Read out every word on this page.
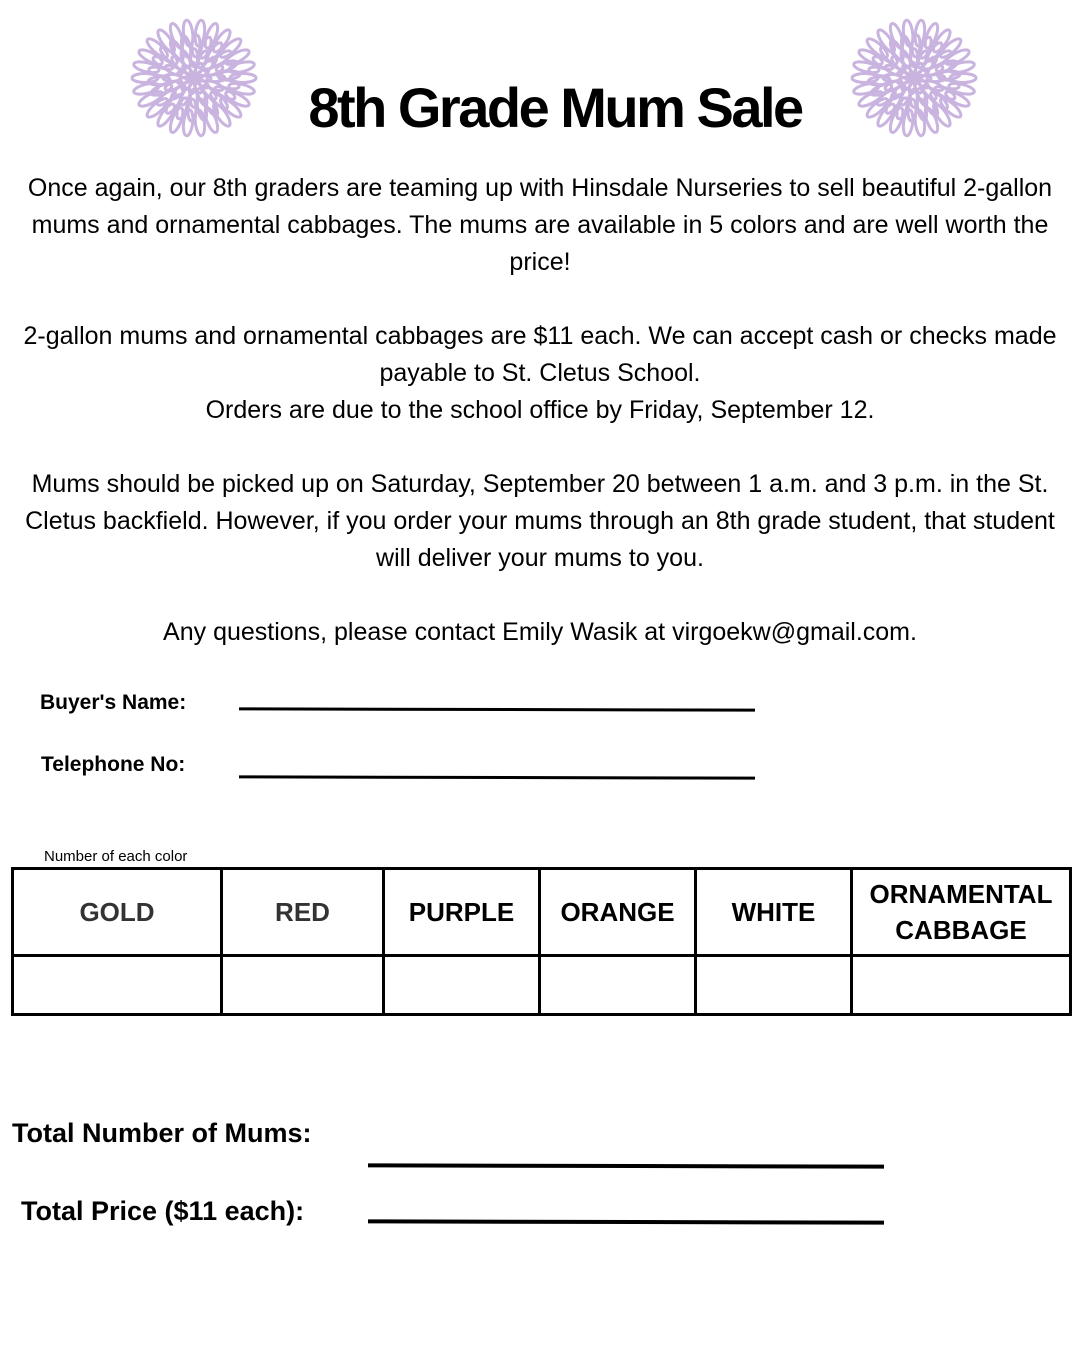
8th Grade Mum Sale
Once again, our 8th graders are teaming up with Hinsdale Nurseries to sell beautiful 2-gallon mums and ornamental cabbages. The mums are available in 5 colors and are well worth the price!
2-gallon mums and ornamental cabbages are $11 each. We can accept cash or checks made payable to St. Cletus School.
Orders are due to the school office by Friday, September 12.
Mums should be picked up on Saturday, September 20 between 1 a.m. and 3 p.m. in the St. Cletus backfield. However, if you order your mums through an 8th grade student, that student will deliver your mums to you.
Any questions, please contact Emily Wasik at virgoekw@gmail.com.
Buyer's Name:
Telephone No:
Number of each color
GOLD	RED	PURPLE	ORANGE	WHITE	ORNAMENTAL CABBAGE

Total Number of Mums:
Total Price ($11 each):
